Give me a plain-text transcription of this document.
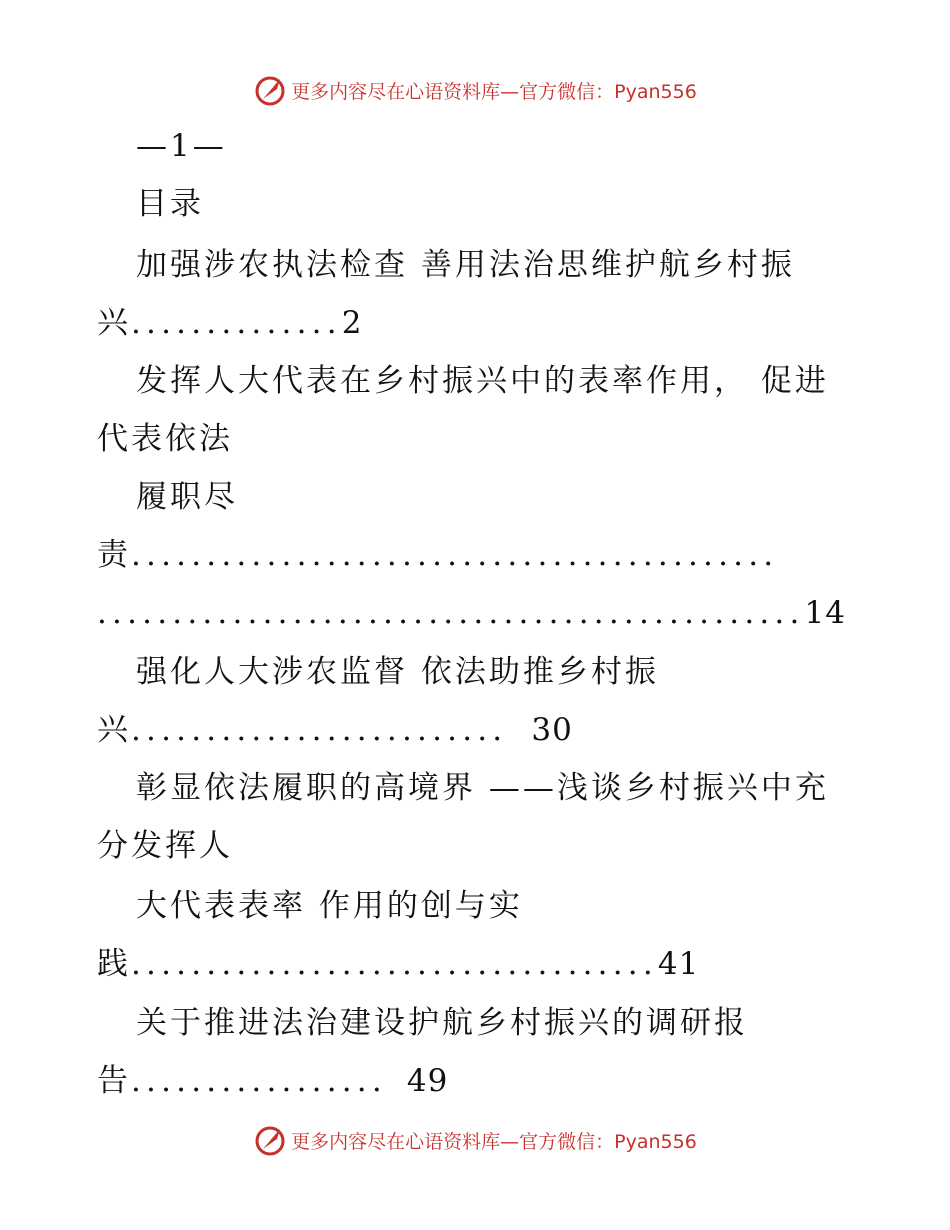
更多内容尽在心语资料库—官方微信：Pyan556
—1—
目录
加强涉农执法检查 善用法治思维护航乡村振
兴..............2
发挥人大代表在乡村振兴中的表率作用， 促进
代表依法
履职尽
责...........................................
...............................................14
强化人大涉农监督 依法助推乡村振
兴......................... 30
彰显依法履职的高境界 ——浅谈乡村振兴中充
分发挥人
大代表表率 作用的创与实
践...................................41
关于推进法治建设护航乡村振兴的调研报
告................. 49
更多内容尽在心语资料库—官方微信：Pyan556
